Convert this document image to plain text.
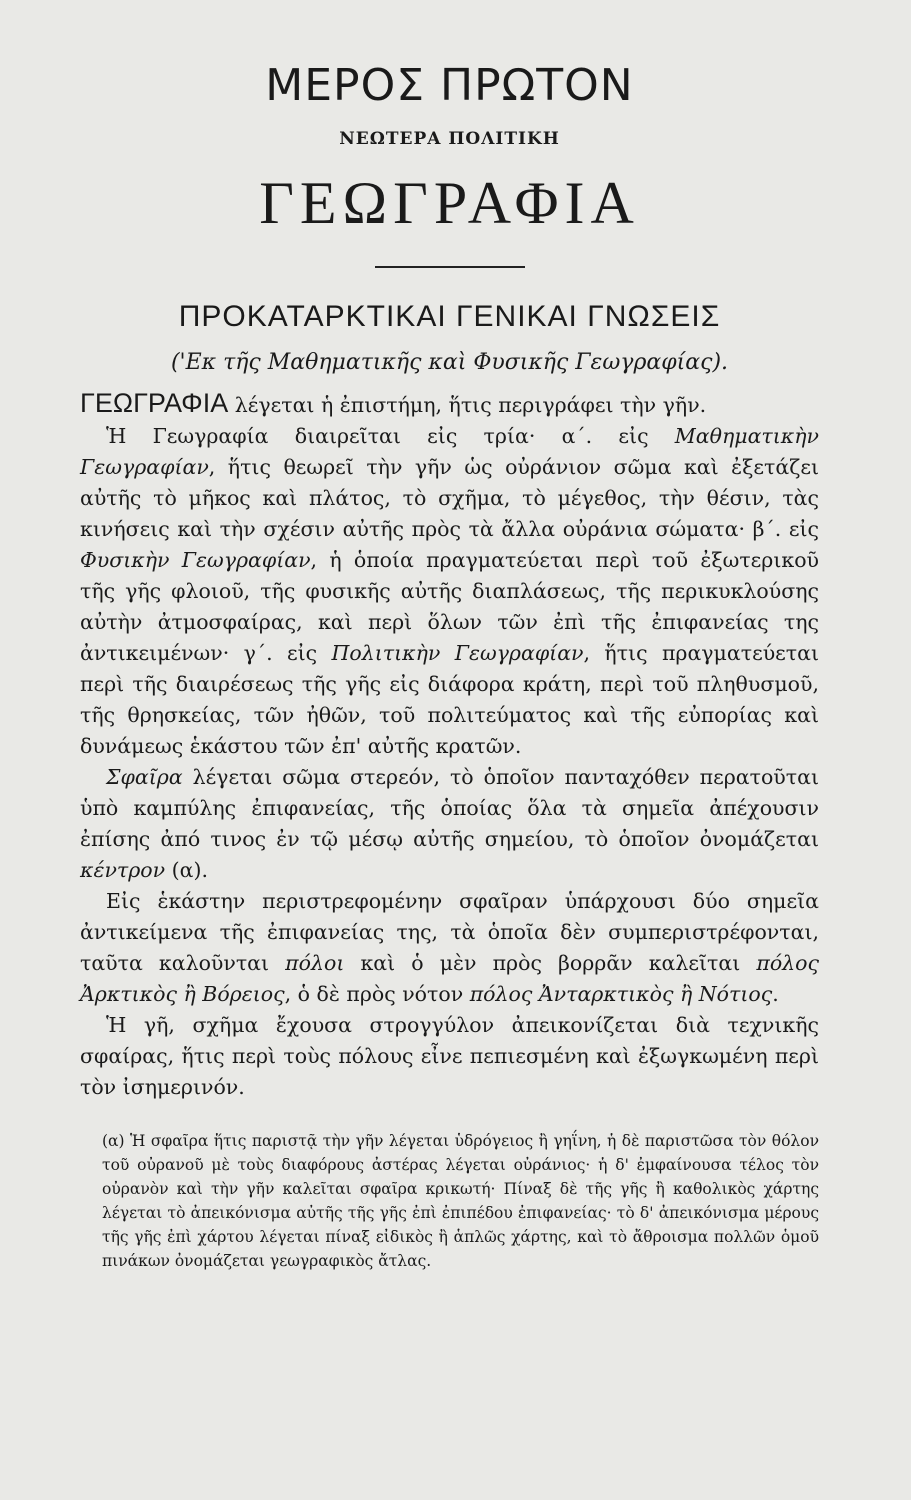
ΜΕΡΟΣ ΠΡΩΤΟΝ
ΝΕΩΤΕΡΑ ΠΟΛΙΤΙΚΗ
ΓΕΩΓΡΑΦΙΑ
ΠΡΟΚΑΤΑΡΚΤΙΚΑΙ ΓΕΝΙΚΑΙ ΓΝΩΣΕΙΣ
('Εκ τῆς Μαθηματικῆς καὶ Φυσικῆς Γεωγραφίας).

ΓΕΩΓΡΑΦΙΑ λέγεται ἡ ἐπιστήμη, ἥτις περιγράφει τὴν γῆν.

Ἡ Γεωγραφία διαιρεῖται εἰς τρία· α΄. εἰς Μαθηματικὴν Γεωγραφίαν, ἥτις θεωρεῖ τὴν γῆν ὡς οὐράνιον σῶμα καὶ ἐξετάζει αὐτῆς τὸ μῆκος καὶ πλάτος, τὸ σχῆμα, τὸ μέγεθος, τὴν θέσιν, τὰς κινήσεις καὶ τὴν σχέσιν αὐτῆς πρὸς τὰ ἄλλα οὐράνια σώματα· β΄. εἰς Φυσικὴν Γεωγραφίαν, ἡ ὁποία πραγματεύεται περὶ τοῦ ἐξωτερικοῦ τῆς γῆς φλοιοῦ, τῆς φυσικῆς αὐτῆς διαπλάσεως, τῆς περικυκλούσης αὐτὴν ἀτμοσφαίρας, καὶ περὶ ὅλων τῶν ἐπὶ τῆς ἐπιφανείας της ἀντικειμένων· γ΄. εἰς Πολιτικὴν Γεωγραφίαν, ἥτις πραγματεύεται περὶ τῆς διαιρέσεως τῆς γῆς εἰς διάφορα κράτη, περὶ τοῦ πληθυσμοῦ, τῆς θρησκείας, τῶν ἠθῶν, τοῦ πολιτεύματος καὶ τῆς εὐπορίας καὶ δυνάμεως ἑκάστου τῶν ἐπ' αὐτῆς κρατῶν.

Σφαῖρα λέγεται σῶμα στερεόν, τὸ ὁποῖον πανταχόθεν περατοῦται ὑπὸ καμπύλης ἐπιφανείας, τῆς ὁποίας ὅλα τὰ σημεῖα ἀπέχουσιν ἐπίσης ἀπό τινος ἐν τῷ μέσῳ αὐτῆς σημείου, τὸ ὁποῖον ὀνομάζεται κέντρον (α).

Εἰς ἑκάστην περιστρεφομένην σφαῖραν ὑπάρχουσι δύο σημεῖα ἀντικείμενα τῆς ἐπιφανείας της, τὰ ὁποῖα δὲν συμπεριστρέφονται, ταῦτα καλοῦνται πόλοι καὶ ὁ μὲν πρὸς βορρᾶν καλεῖται πόλος Ἀρκτικὸς ἢ Βόρειος, ὁ δὲ πρὸς νότον πόλος Ἀνταρκτικὸς ἢ Νότιος.

Ἡ γῆ, σχῆμα ἔχουσα στρογγύλον ἀπεικονίζεται διὰ τεχνικῆς σφαίρας, ἥτις περὶ τοὺς πόλους εἶνε πεπιεσμένη καὶ ἐξωγκωμένη περὶ τὸν ἰσημερινόν.

(α) Ἡ σφαῖρα ἥτις παριστᾷ τὴν γῆν λέγεται ὑδρόγειος ἢ γηΐνη, ἡ δὲ παριστῶσα τὸν θόλον τοῦ οὐρανοῦ μὲ τοὺς διαφόρους ἀστέρας λέγεται οὐράνιος· ἡ δ' ἐμφαίνουσα τέλος τὸν οὐρανὸν καὶ τὴν γῆν καλεῖται σφαῖρα κρικωτή· Πίναξ δὲ τῆς γῆς ἢ καθολικὸς χάρτης λέγεται τὸ ἀπεικόνισμα αὐτῆς τῆς γῆς ἐπὶ ἐπιπέδου ἐπιφανείας· τὸ δ' ἀπεικόνισμα μέρους τῆς γῆς ἐπὶ χάρτου λέγεται πίναξ εἰδικὸς ἢ ἁπλῶς χάρτης, καὶ τὸ ἄθροισμα πολλῶν ὁμοῦ πινάκων ὀνομάζεται γεωγραφικὸς ἄτλας.
